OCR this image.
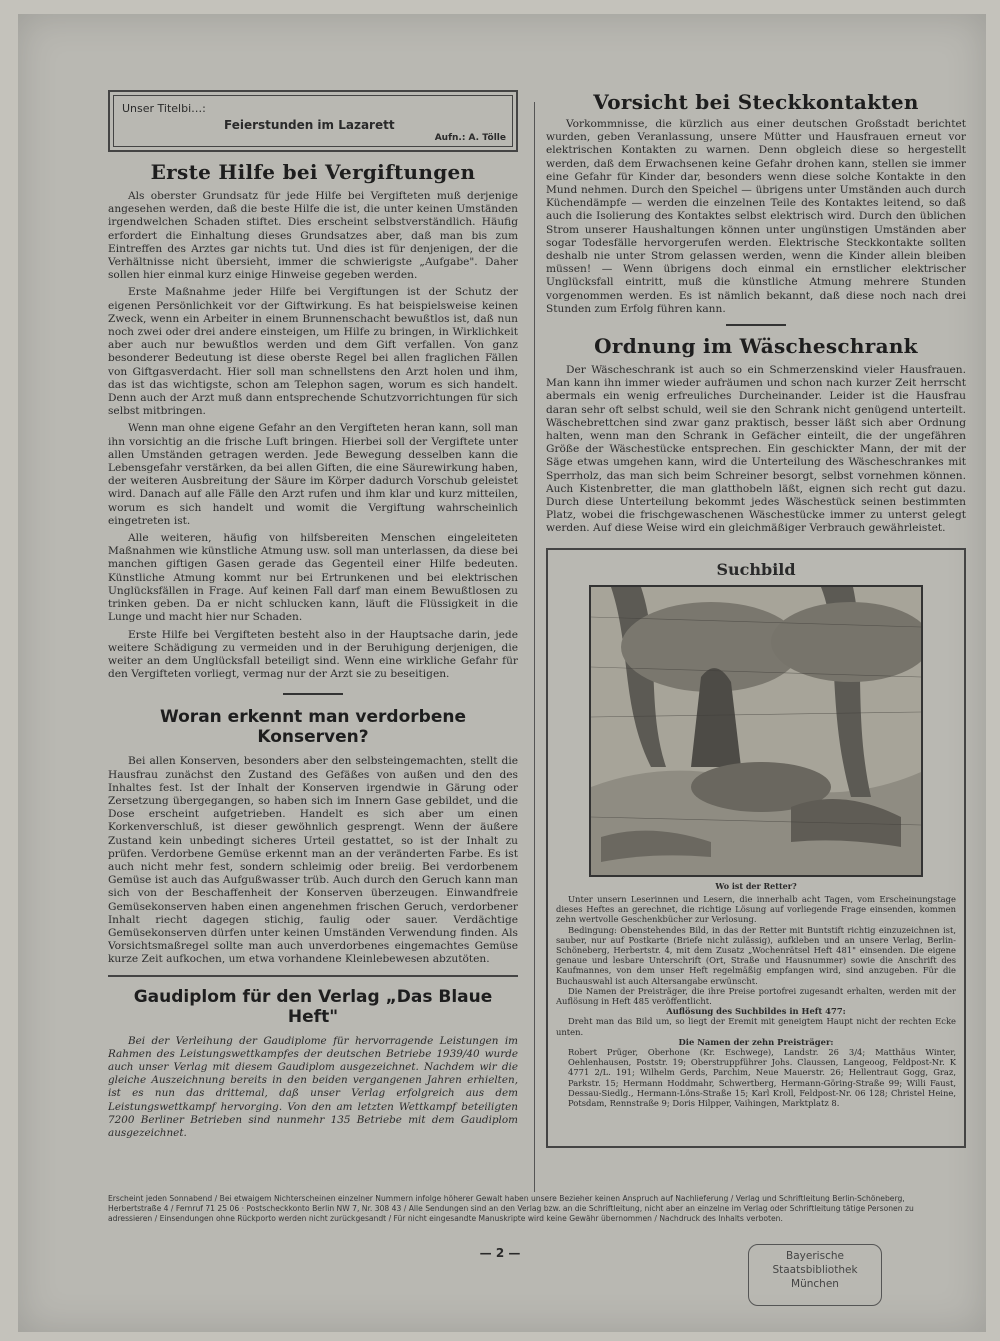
Unser Titelbi…:
Feierstunden im Lazarett
Aufn.: A. Tölle
Erste Hilfe bei Vergiftungen

Als oberster Grundsatz für jede Hilfe bei Vergifteten muß derjenige angesehen werden, daß die beste Hilfe die ist, die unter keinen Umständen irgendwelchen Schaden stiftet. Dies erscheint selbstverständlich. Häufig erfordert die Einhaltung dieses Grundsatzes aber, daß man bis zum Eintreffen des Arztes gar nichts tut. Und dies ist für denjenigen, der die Verhältnisse nicht übersieht, immer die schwierigste „Aufgabe". Daher sollen hier einmal kurz einige Hinweise gegeben werden.

Erste Maßnahme jeder Hilfe bei Vergiftungen ist der Schutz der eigenen Persönlichkeit vor der Giftwirkung. Es hat beispielsweise keinen Zweck, wenn ein Arbeiter in einem Brunnenschacht bewußtlos ist, daß nun noch zwei oder drei andere einsteigen, um Hilfe zu bringen, in Wirklichkeit aber auch nur bewußtlos werden und dem Gift verfallen. Von ganz besonderer Bedeutung ist diese oberste Regel bei allen fraglichen Fällen von Giftgasverdacht. Hier soll man schnellstens den Arzt holen und ihm, das ist das wichtigste, schon am Telephon sagen, worum es sich handelt. Denn auch der Arzt muß dann entsprechende Schutzvorrichtungen für sich selbst mitbringen.

Wenn man ohne eigene Gefahr an den Vergifteten heran kann, soll man ihn vorsichtig an die frische Luft bringen. Hierbei soll der Vergiftete unter allen Umständen getragen werden. Jede Bewegung desselben kann die Lebensgefahr verstärken, da bei allen Giften, die eine Säurewirkung haben, der weiteren Ausbreitung der Säure im Körper dadurch Vorschub geleistet wird. Danach auf alle Fälle den Arzt rufen und ihm klar und kurz mitteilen, worum es sich handelt und womit die Vergiftung wahrscheinlich eingetreten ist.

Alle weiteren, häufig von hilfsbereiten Menschen eingeleiteten Maßnahmen wie künstliche Atmung usw. soll man unterlassen, da diese bei manchen giftigen Gasen gerade das Gegenteil einer Hilfe bedeuten. Künstliche Atmung kommt nur bei Ertrunkenen und bei elektrischen Unglücksfällen in Frage. Auf keinen Fall darf man einem Bewußtlosen zu trinken geben. Da er nicht schlucken kann, läuft die Flüssigkeit in die Lunge und macht hier nur Schaden.

Erste Hilfe bei Vergifteten besteht also in der Hauptsache darin, jede weitere Schädigung zu vermeiden und in der Beruhigung derjenigen, die weiter an dem Unglücksfall beteiligt sind. Wenn eine wirkliche Gefahr für den Vergifteten vorliegt, vermag nur der Arzt sie zu beseitigen.

Woran erkennt man verdorbene Konserven?

Bei allen Konserven, besonders aber den selbsteingemachten, stellt die Hausfrau zunächst den Zustand des Gefäßes von außen und den des Inhaltes fest. Ist der Inhalt der Konserven irgendwie in Gärung oder Zersetzung übergegangen, so haben sich im Innern Gase gebildet, und die Dose erscheint aufgetrieben. Handelt es sich aber um einen Korkenverschluß, ist dieser gewöhnlich gesprengt. Wenn der äußere Zustand kein unbedingt sicheres Urteil gestattet, so ist der Inhalt zu prüfen. Verdorbene Gemüse erkennt man an der veränderten Farbe. Es ist auch nicht mehr fest, sondern schleimig oder breiig. Bei verdorbenem Gemüse ist auch das Aufgußwasser trüb. Auch durch den Geruch kann man sich von der Beschaffenheit der Konserven überzeugen. Einwandfreie Gemüsekonserven haben einen angenehmen frischen Geruch, verdorbener Inhalt riecht dagegen stichig, faulig oder sauer. Verdächtige Gemüsekonserven dürfen unter keinen Umständen Verwendung finden. Als Vorsichtsmaßregel sollte man auch unverdorbenes eingemachtes Gemüse kurze Zeit aufkochen, um etwa vorhandene Kleinlebewesen abzutöten.

Gaudiplom für den Verlag „Das Blaue Heft"

Bei der Verleihung der Gaudiplome für hervorragende Leistungen im Rahmen des Leistungswettkampfes der deutschen Betriebe 1939/40 wurde auch unser Verlag mit diesem Gaudiplom ausgezeichnet. Nachdem wir die gleiche Auszeichnung bereits in den beiden vergangenen Jahren erhielten, ist es nun das drittemal, daß unser Verlag erfolgreich aus dem Leistungswettkampf hervorging. Von den am letzten Wettkampf beteiligten 7200 Berliner Betrieben sind nunmehr 135 Betriebe mit dem Gaudiplom ausgezeichnet.

Vorsicht bei Steckkontakten

Vorkommnisse, die kürzlich aus einer deutschen Großstadt berichtet wurden, geben Veranlassung, unsere Mütter und Hausfrauen erneut vor elektrischen Kontakten zu warnen. Denn obgleich diese so hergestellt werden, daß dem Erwachsenen keine Gefahr drohen kann, stellen sie immer eine Gefahr für Kinder dar, besonders wenn diese solche Kontakte in den Mund nehmen. Durch den Speichel — übrigens unter Umständen auch durch Küchendämpfe — werden die einzelnen Teile des Kontaktes leitend, so daß auch die Isolierung des Kontaktes selbst elektrisch wird. Durch den üblichen Strom unserer Haushaltungen können unter ungünstigen Umständen aber sogar Todesfälle hervorgerufen werden. Elektrische Steckkontakte sollten deshalb nie unter Strom gelassen werden, wenn die Kinder allein bleiben müssen! — Wenn übrigens doch einmal ein ernstlicher elektrischer Unglücksfall eintritt, muß die künstliche Atmung mehrere Stunden vorgenommen werden. Es ist nämlich bekannt, daß diese noch nach drei Stunden zum Erfolg führen kann.

Ordnung im Wäscheschrank

Der Wäscheschrank ist auch so ein Schmerzenskind vieler Hausfrauen. Man kann ihn immer wieder aufräumen und schon nach kurzer Zeit herrscht abermals ein wenig erfreuliches Durcheinander. Leider ist die Hausfrau daran sehr oft selbst schuld, weil sie den Schrank nicht genügend unterteilt. Wäschebrettchen sind zwar ganz praktisch, besser läßt sich aber Ordnung halten, wenn man den Schrank in Gefächer einteilt, die der ungefähren Größe der Wäschestücke entsprechen. Ein geschickter Mann, der mit der Säge etwas umgehen kann, wird die Unterteilung des Wäscheschrankes mit Sperrholz, das man sich beim Schreiner besorgt, selbst vornehmen können. Auch Kistenbretter, die man glatthobeln läßt, eignen sich recht gut dazu. Durch diese Unterteilung bekommt jedes Wäschestück seinen bestimmten Platz, wobei die frischgewaschenen Wäschestücke immer zu unterst gelegt werden. Auf diese Weise wird ein gleichmäßiger Verbrauch gewährleistet.

Suchbild

Wo ist der Retter?

Unter unsern Leserinnen und Lesern, die innerhalb acht Tagen, vom Erscheinungstage dieses Heftes an gerechnet, die richtige Lösung auf vorliegende Frage einsenden, kommen zehn wertvolle Geschenkbücher zur Verlosung.

Bedingung: Obenstehendes Bild, in das der Retter mit Buntstift richtig einzuzeichnen ist, sauber, nur auf Postkarte (Briefe nicht zulässig), aufkleben und an unsere Verlag, Berlin-Schöneberg, Herbertstr. 4, mit dem Zusatz „Wochenrätsel Heft 481" einsenden. Die eigene genaue und lesbare Unterschrift (Ort, Straße und Hausnummer) sowie die Anschrift des Kaufmannes, von dem unser Heft regelmäßig empfangen wird, sind anzugeben. Für die Buchauswahl ist auch Altersangabe erwünscht.

Die Namen der Preisträger, die ihre Preise portofrei zugesandt erhalten, werden mit der Auflösung in Heft 485 veröffentlicht.

Auflösung des Suchbildes in Heft 477:

Dreht man das Bild um, so liegt der Eremit mit geneigtem Haupt nicht der rechten Ecke unten.

Die Namen der zehn Preisträger:

Robert Prüger, Oberhone (Kr. Eschwege), Landstr. 26 3/4; Matthäus Winter, Oehlenhausen, Poststr. 19; Oberstruppführer Johs. Claussen, Langeoog, Feldpost-Nr. K 4771 2/L. 191; Wilhelm Gerds, Parchim, Neue Mauerstr. 26; Hellentraut Gogg, Graz, Parkstr. 15; Hermann Hoddmahr, Schwertberg, Hermann-Göring-Straße 99; Willi Faust, Dessau-Siedlg., Hermann-Löns-Straße 15; Karl Kroll, Feldpost-Nr. 06 128; Christel Heine, Potsdam, Rennstraße 9; Doris Hilpper, Vaihingen, Marktplatz 8.

Erscheint jeden Sonnabend / Bei etwaigem Nichterscheinen einzelner Nummern infolge höherer Gewalt haben unsere Bezieher keinen Anspruch auf Nachlieferung / Verlag und Schriftleitung Berlin-Schöneberg, Herbertstraße 4 / Fernruf 71 25 06 · Postscheckkonto Berlin NW 7, Nr. 308 43 / Alle Sendungen sind an den Verlag bzw. an die Schriftleitung, nicht aber an einzelne im Verlag oder Schriftleitung tätige Personen zu adressieren / Einsendungen ohne Rückporto werden nicht zurückgesandt / Für nicht eingesandte Manuskripte wird keine Gewähr übernommen / Nachdruck des Inhalts verboten.
— 2 —	Bayerische
Staatsbibliothek
München
